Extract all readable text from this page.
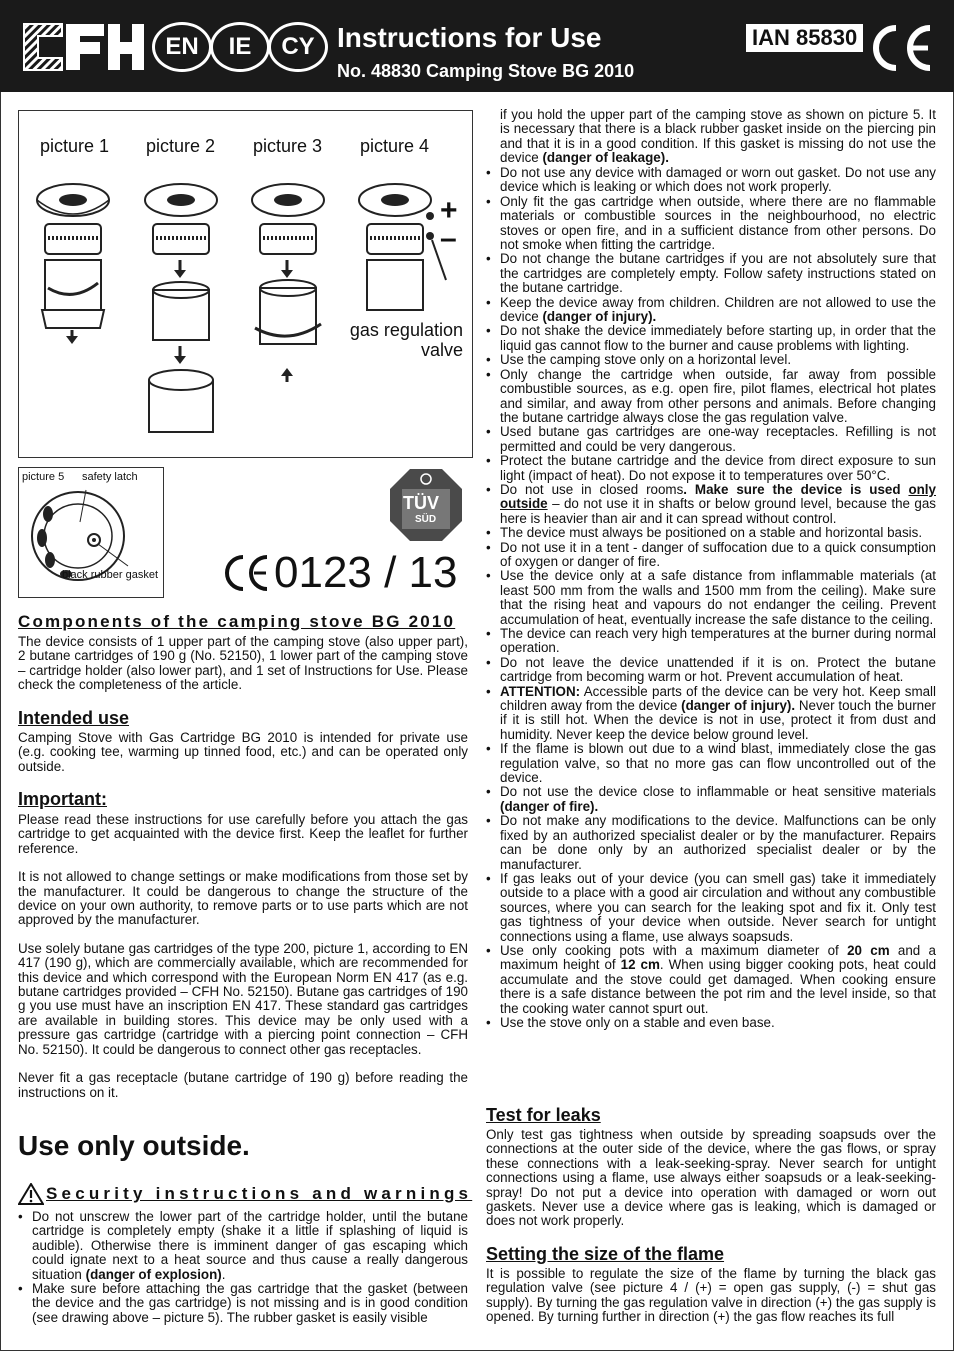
EN	IE	CY Instructions for Use
No. 48830 Camping Stove BG 2010
IAN 85830
picture 1 picture 2 picture 3 picture 4
+
–
gas regulation valve
picture 5 safety latch
black rubber gasket
TÜV
SÜD
0123 / 13
Components of the camping stove BG 2010
The device consists of 1 upper part of the camping stove (also upper part), 2 butane cartridges of 190 g (No. 52150), 1 lower part of the camping stove – cartridge holder (also lower part), and 1 set of Instructions for Use. Please check the completeness of the article.
Intended use
Camping Stove with Gas Cartridge BG 2010 is intended for private use (e.g. cooking tee, warming up tinned food, etc.) and can be operated only outside.
Important:

Please read these instructions for use carefully before you attach the gas cartridge to get acquainted with the device first. Keep the leaflet for further reference.

It is not allowed to change settings or make modifications from those set by the manufacturer. It could be dangerous to change the structure of the device on your own authority, to remove parts or to use parts which are not approved by the manufacturer.

Use solely butane gas cartridges of the type 200, picture 1, according to EN 417 (190 g), which are commercially available, which are recommended for this device and which correspond with the European Norm EN 417 (as e.g. butane cartridges provided – CFH No. 52150). Butane gas cartridges of 190 g you use must have an inscription EN 417. These standard gas cartridges are available in building stores. This device may be only used with a pressure gas cartridge (cartridge with a piercing point connection – CFH No. 52150). It could be dangerous to connect other gas receptacles.

Never fit a gas receptacle (butane cartridge of 190 g) before reading the instructions on it.

Use only outside.
Security instructions and warnings
• Do not unscrew the lower part of the cartridge holder, until the butane cartridge is completely empty (shake it a little if splashing of liquid is audible). Otherwise there is imminent danger of gas escaping which could ignate next to a heat source and thus cause a really dangerous situation (danger of explosion).
• Make sure before attaching the gas cartridge that the gasket (between the device and the gas cartridge) is not missing and is in good condition (see drawing above – picture 5). The rubber gasket is easily visible
if you hold the upper part of the camping stove as shown on picture 5. It is necessary that there is a black rubber gasket inside on the piercing pin and that it is in a good condition. If this gasket is missing do not use the device (danger of leakage).
• Do not use any device with damaged or worn out gasket. Do not use any device which is leaking or which does not work properly.
• Only fit the gas cartridge when outside, where there are no flammable materials or combustible sources in the neighbourhood, no electric stoves or open fire, and in a sufficient distance from other persons. Do not smoke when fitting the cartridge.
• Do not change the butane cartridges if you are not absolutely sure that the cartridges are completely empty. Follow safety instructions stated on the butane cartridge.
• Keep the device away from children. Children are not allowed to use the device (danger of injury).
• Do not shake the device immediately before starting up, in order that the liquid gas cannot flow to the burner and cause problems with lighting.
• Use the camping stove only on a horizontal level.
• Only change the cartridge when outside, far away from possible combustible sources, as e.g. open fire, pilot flames, electrical hot plates and similar, and away from other persons and animals. Before changing the butane cartridge always close the gas regulation valve.
• Used butane gas cartridges are one-way receptacles. Refilling is not permitted and could be very dangerous.
• Protect the butane cartridge and the device from direct exposure to sun light (impact of heat). Do not expose it to temperatures over 50°C.
• Do not use in closed rooms. Make sure the device is used only outside – do not use it in shafts or below ground level, because the gas here is heavier than air and it can spread without control.
• The device must always be positioned on a stable and horizontal basis.
• Do not use it in a tent - danger of suffocation due to a quick consumption of oxygen or danger of fire.
• Use the device only at a safe distance from inflammable materials (at least 500 mm from the walls and 1500 mm from the ceiling). Make sure that the rising heat and vapours do not endanger the ceiling. Prevent accumulation of heat, eventually increase the safe distance to the ceiling.
• The device can reach very high temperatures at the burner during normal operation.
• Do not leave the device unattended if it is on. Protect the butane cartridge from becoming warm or hot. Prevent accumulation of heat.
• ATTENTION: Accessible parts of the device can be very hot. Keep small children away from the device (danger of injury). Never touch the burner if it is still hot. When the device is not in use, protect it from dust and humidity. Never keep the device below ground level.
• If the flame is blown out due to a wind blast, immediately close the gas regulation valve, so that no more gas can flow uncontrolled out of the device.
• Do not use the device close to inflammable or heat sensitive materials (danger of fire).
• Do not make any modifications to the device. Malfunctions can be only fixed by an authorized specialist dealer or by the manufacturer. Repairs can be done only by an authorized specialist dealer or by the manufacturer.
• If gas leaks out of your device (you can smell gas) take it immediately outside to a place with a good air circulation and without any combustible sources, where you can search for the leaking spot and fix it. Only test gas tightness of your device when outside. Never search for untight connections using a flame, use always soapsuds.
• Use only cooking pots with a maximum diameter of 20 cm and a maximum height of 12 cm. When using bigger cooking pots, heat could accumulate and the stove could get damaged. When cooking ensure there is a safe distance between the pot rim and the level inside, so that the cooking water cannot spurt out.
• Use the stove only on a stable and even base.
Test for leaks
Only test gas tightness when outside by spreading soapsuds over the connections at the outer side of the device, where the gas flows, or spray these connections with a leak-seeking-spray. Never search for untight connections using a flame, use always either soapsuds or a leak-seeking-spray! Do not put a device into operation with damaged or worn out gaskets. Never use a device where gas is leaking, which is damaged or does not work properly.
Setting the size of the flame
It is possible to regulate the size of the flame by turning the black gas regulation valve (see picture 4 / (+) = open gas supply, (-) = shut gas supply). By turning the gas regulation valve in direction (+) the gas supply is opened. By turning further in direction (+) the gas flow reaches its full
